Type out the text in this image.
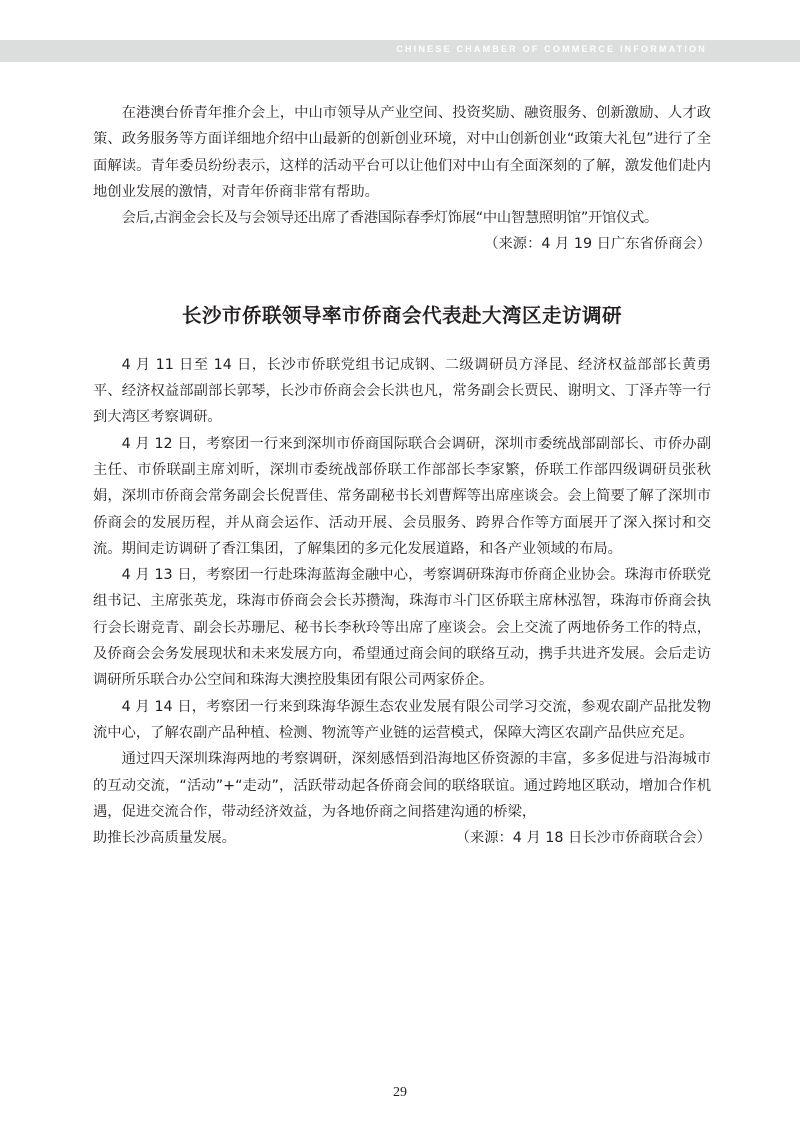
CHINESE CHAMBER OF COMMERCE INFORMATION

在港澳台侨青年推介会上，中山市领导从产业空间、投资奖励、融资服务、创新激励、人才政策、政务服务等方面详细地介绍中山最新的创新创业环境，对中山创新创业“政策大礼包”进行了全面解读。青年委员纷纷表示，这样的活动平台可以让他们对中山有全面深刻的了解，激发他们赴内地创业发展的激情，对青年侨商非常有帮助。

会后,古润金会长及与会领导还出席了香港国际春季灯饰展“中山智慧照明馆”开馆仪式。

（来源：4 月 19 日广东省侨商会）

长沙市侨联领导率市侨商会代表赴大湾区走访调研

4 月 11 日至 14 日，长沙市侨联党组书记成钢、二级调研员方泽昆、经济权益部部长黄勇平、经济权益部副部长郭琴，长沙市侨商会会长洪也凡，常务副会长贾民、谢明文、丁泽卉等一行到大湾区考察调研。

4 月 12 日，考察团一行来到深圳市侨商国际联合会调研，深圳市委统战部副部长、市侨办副主任、市侨联副主席刘昕，深圳市委统战部侨联工作部部长李家繁，侨联工作部四级调研员张秋娟，深圳市侨商会常务副会长倪晋佳、常务副秘书长刘曹辉等出席座谈会。会上简要了解了深圳市侨商会的发展历程，并从商会运作、活动开展、会员服务、跨界合作等方面展开了深入探讨和交流。期间走访调研了香江集团，了解集团的多元化发展道路，和各产业领域的布局。

4 月 13 日，考察团一行赴珠海蓝海金融中心，考察调研珠海市侨商企业协会。珠海市侨联党组书记、主席张英龙，珠海市侨商会会长苏攒淘，珠海市斗门区侨联主席林泓智，珠海市侨商会执行会长谢竞青、副会长苏珊尼、秘书长李秋玲等出席了座谈会。会上交流了两地侨务工作的特点，及侨商会会务发展现状和未来发展方向，希望通过商会间的联络互动，携手共进齐发展。会后走访调研所乐联合办公空间和珠海大澳控股集团有限公司两家侨企。

4 月 14 日，考察团一行来到珠海华源生态农业发展有限公司学习交流，参观农副产品批发物流中心，了解农副产品种植、检测、物流等产业链的运营模式，保障大湾区农副产品供应充足。

通过四天深圳珠海两地的考察调研，深刻感悟到沿海地区侨资源的丰富，多多促进与沿海城市的互动交流，“活动”+“走动”，活跃带动起各侨商会间的联络联谊。通过跨地区联动，增加合作机遇，促进交流合作，带动经济效益，为各地侨商之间搭建沟通的桥梁，

助推长沙高质量发展。	（来源：4 月 18 日长沙市侨商联合会）
29
